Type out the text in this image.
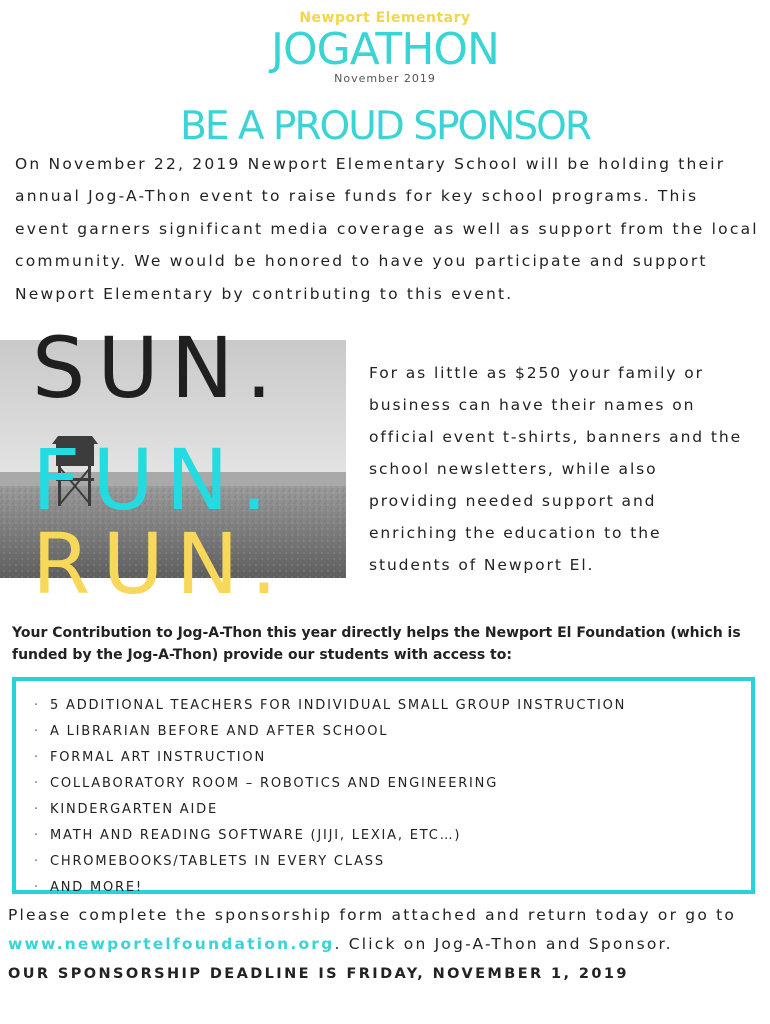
Newport Elementary
JOGATHON
November 2019
BE A PROUD SPONSOR
On November 22, 2019 Newport Elementary School will be holding their annual Jog-A-Thon event to raise funds for key school programs. This event garners significant media coverage as well as support from the local community. We would be honored to have you participate and support Newport Elementary by contributing to this event.
SUN.
FUN.
RUN.
For as little as $250 your family or business can have their names on official event t-shirts, banners and the school newsletters, while also providing needed support and enriching the education to the students of Newport El.
Your Contribution to Jog-A-Thon this year directly helps the Newport El Foundation (which is funded by the Jog-A-Thon) provide our students with access to:
· 5 ADDITIONAL TEACHERS FOR INDIVIDUAL SMALL GROUP INSTRUCTION
· A LIBRARIAN BEFORE AND AFTER SCHOOL
· FORMAL ART INSTRUCTION
· COLLABORATORY ROOM – ROBOTICS AND ENGINEERING
· KINDERGARTEN AIDE
· MATH AND READING SOFTWARE (JIJI, LEXIA, ETC…)
· CHROMEBOOKS/TABLETS IN EVERY CLASS
· AND MORE!
Please complete the sponsorship form attached and return today or go to www.newportelfoundation.org. Click on Jog-A-Thon and Sponsor.
OUR SPONSORSHIP DEADLINE IS FRIDAY, NOVEMBER 1, 2019
